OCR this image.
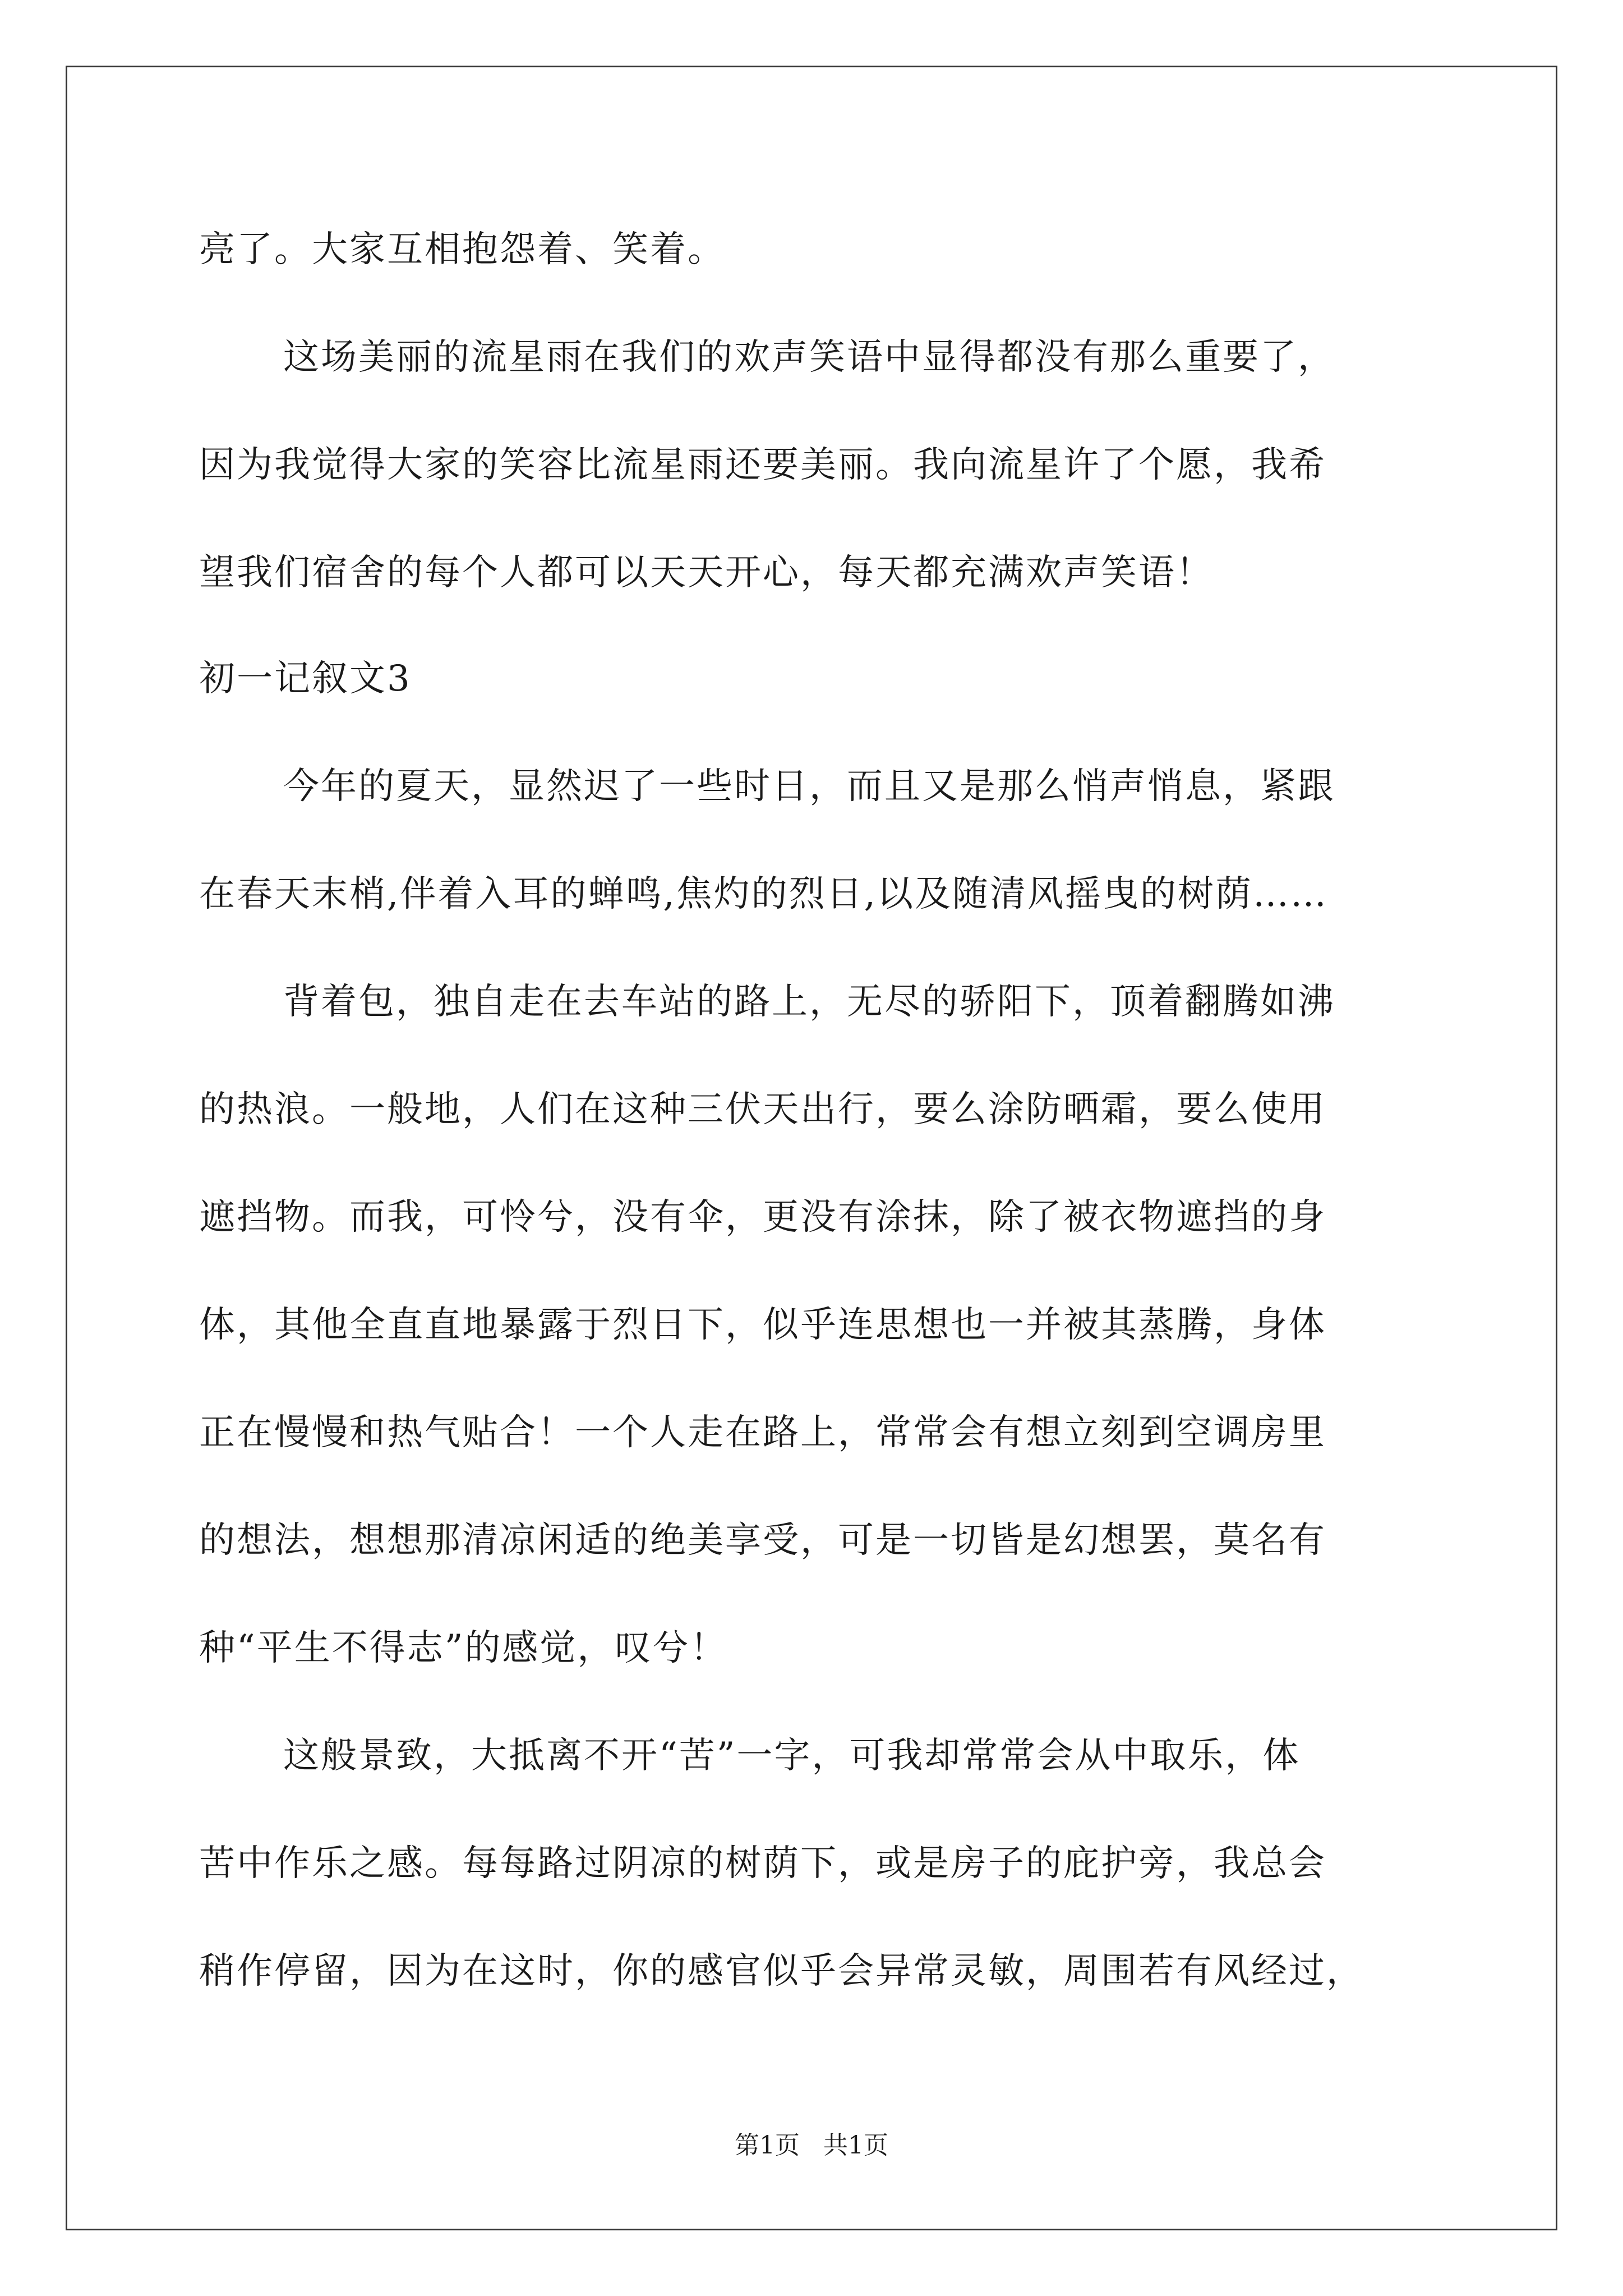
亮了。大家互相抱怨着、笑着。
这场美丽的流星雨在我们的欢声笑语中显得都没有那么重要了，
因为我觉得大家的笑容比流星雨还要美丽。我向流星许了个愿，我希
望我们宿舍的每个人都可以天天开心，每天都充满欢声笑语！
初一记叙文3
今年的夏天，显然迟了一些时日，而且又是那么悄声悄息，紧跟
在春天末梢,伴着入耳的蝉鸣,焦灼的烈日,以及随清风摇曳的树荫……
背着包，独自走在去车站的路上，无尽的骄阳下，顶着翻腾如沸
的热浪。一般地，人们在这种三伏天出行，要么涂防晒霜，要么使用
遮挡物。而我，可怜兮，没有伞，更没有涂抹，除了被衣物遮挡的身
体，其他全直直地暴露于烈日下，似乎连思想也一并被其蒸腾，身体
正在慢慢和热气贴合！一个人走在路上，常常会有想立刻到空调房里
的想法，想想那清凉闲适的绝美享受，可是一切皆是幻想罢，莫名有
种“平生不得志”的感觉，叹兮！
这般景致，大抵离不开“苦”一字，可我却常常会从中取乐，体
苦中作乐之感。每每路过阴凉的树荫下，或是房子的庇护旁，我总会
稍作停留，因为在这时，你的感官似乎会异常灵敏，周围若有风经过，
第1页 共1页
